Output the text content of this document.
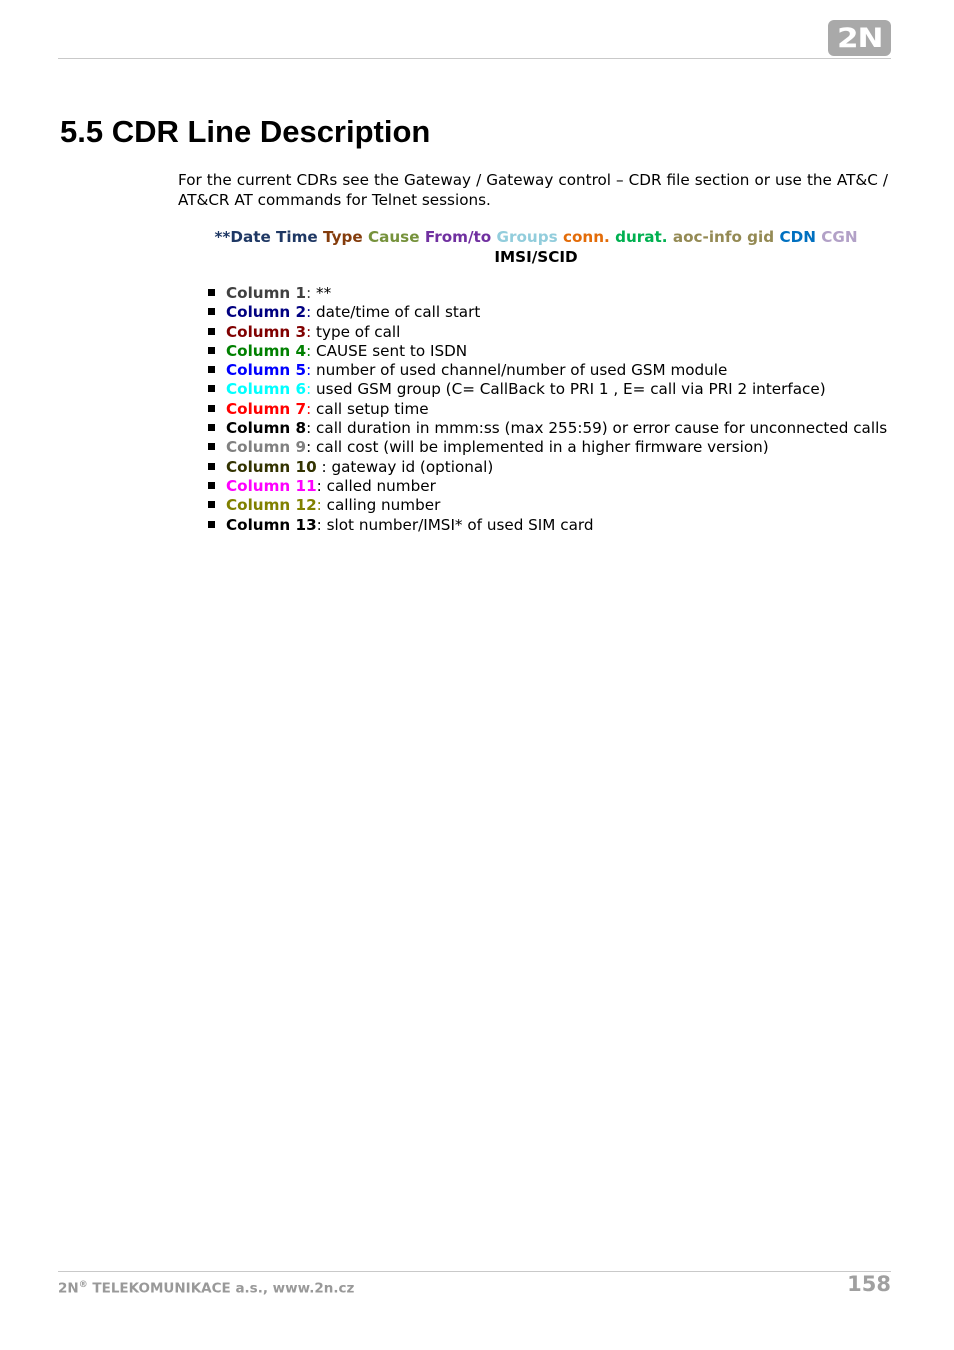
2N
5.5 CDR Line Description

For the current CDRs see the Gateway / Gateway control – CDR file section or use the AT&C / AT&CR AT commands for Telnet sessions.

**Date Time Type Cause From/to Groups conn. durat. aoc-info gid CDN CGN IMSI/SCID

Column 1: **
Column 2: date/time of call start
Column 3: type of call
Column 4: CAUSE sent to ISDN
Column 5: number of used channel/number of used GSM module
Column 6: used GSM group (C= CallBack to PRI 1 , E= call via PRI 2 interface)
Column 7: call setup time
Column 8: call duration in mmm:ss (max 255:59) or error cause for unconnected calls
Column 9: call cost (will be implemented in a higher firmware version)
Column 10 : gateway id (optional)
Column 11: called number
Column 12: calling number
Column 13: slot number/IMSI* of used SIM card
2N® TELEKOMUNIKACE a.s., www.2n.cz	158
